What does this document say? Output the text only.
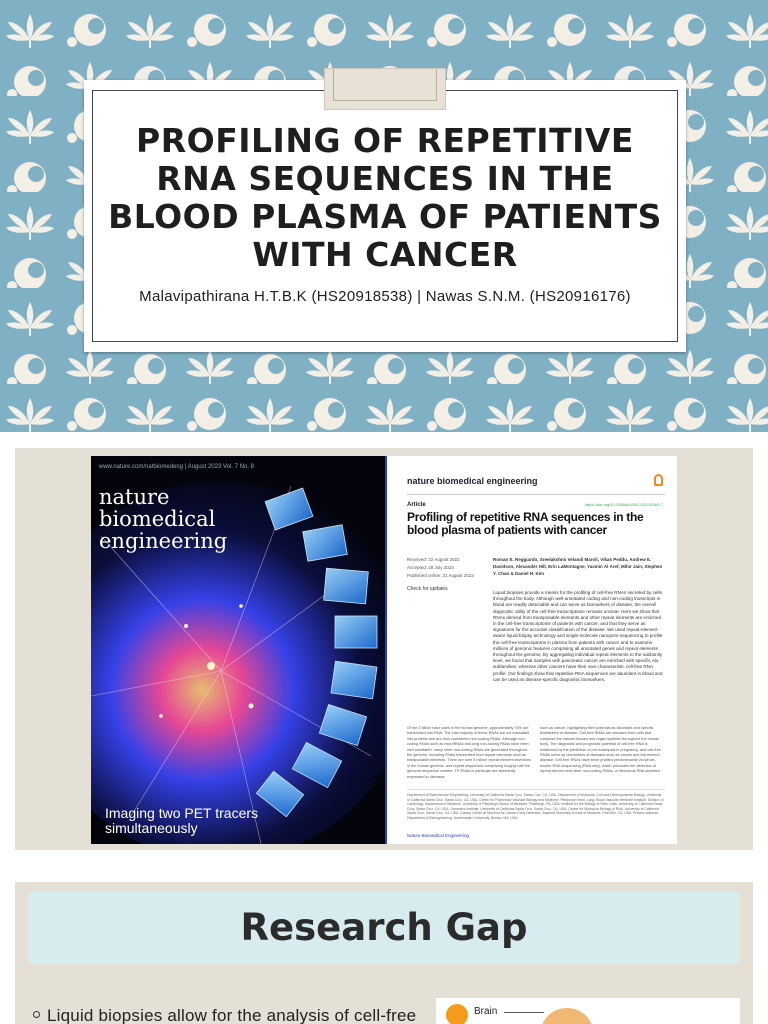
PROFILING OF REPETITIVE RNA SEQUENCES IN THE BLOOD PLASMA OF PATIENTS WITH CANCER
Malavipathirana H.T.B.K (HS20918538) | Nawas S.N.M. (HS20916176)
www.nature.com/natbiomedeng | August 2023 Vol. 7 No. 8
nature
biomedical
engineering
Imaging two PET tracers
simultaneously
nature biomedical engineering
Article	https://doi.org/10.1038/s41551-023-01081-7
Profiling of repetitive RNA sequences in the blood plasma of patients with cancer
Received: 22 August 2022
Accepted: 28 July 2023
Published online: 31 August 2023
Check for updates
Roman E. Reggiardo, Sreelakshmi Velandi Maroli, Vikas Peddu, Andrew E. Davidson, Alexander Hill, Erin LaMontagne, Yasmin Al Aref, Mihir Jain, Stephen Y. Chan & Daniel H. Kim
Liquid biopsies provide a means for the profiling of cell-free RNAs secreted by cells throughout the body. Although well-annotated coding and non-coding transcripts in blood are readily detectable and can serve as biomarkers of disease, the overall diagnostic utility of the cell-free transcriptome remains unclear. Here we show that RNAs derived from transposable elements and other repeat elements are enriched in the cell-free transcriptome of patients with cancer, and that they serve as signatures for the accurate classification of the disease. We used repeat-element-aware liquid-biopsy technology and single-molecule nanopore sequencing to profile the cell-free transcriptome in plasma from patients with cancer and to examine millions of genomic features comprising all annotated genes and repeat elements throughout the genome. By aggregating individual repeat elements to the subfamily level, we found that samples with pancreatic cancer are enriched with specific Alu subfamilies, whereas other cancers have their own characteristic cell-free RNA profile. Our findings show that repetitive RNA sequences are abundant in blood and can be used as disease-specific diagnostic biomarkers.
Of the 3 billion base pairs in the human genome, approximately 75% are transcribed into RNA. The vast majority of these RNAs are not translated into proteins and are thus considered non-coding RNAs. Although non-coding RNAs such as microRNAs and long non-coding RNAs have been well annotated, many other non-coding RNAs are generated throughout the genome, including RNAs transcribed from repeat elements such as transposable elements. There are over 5 million repeat element insertions in the human genome, and repeat sequences comprising roughly half the genomic sequence content. TE RNAs in particular are aberrantly expressed in diseases
such as cancer, highlighting their potential as abundant and specific biomarkers of disease. Cell-free RNAs are released from cells that comprise the various tissues and organ systems throughout the human body. The diagnostic and prognostic potential of cell-free RNA is evidenced by the prediction of pre-eclampsia in pregnancy, and cell-free RNAs serve as biomarkers of diseases such as cancer and Alzheimer's disease. Cell-free RNAs have been profiled predominantly via whole-exome RNA sequencing (RNA-seq), which precludes the detection of repeat-derived and other non-coding RNAs, or ribosomal RNA depleted
Department of Biomolecular Engineering, University of California Santa Cruz, Santa Cruz, CA, USA. Department of Molecular, Cell and Developmental Biology, University of California Santa Cruz, Santa Cruz, CA, USA. Center for Pulmonary Vascular Biology and Medicine, Pittsburgh Heart, Lung, Blood Vascular Medicine Institute, Division of Cardiology, Department of Medicine, University of Pittsburgh School of Medicine, Pittsburgh, PA, USA. Institute for the Biology of Stem Cells, University of California Santa Cruz, Santa Cruz, CA, USA. Genomics Institute, University of California Santa Cruz, Santa Cruz, CA, USA. Center for Molecular Biology of RNA, University of California Santa Cruz, Santa Cruz, CA, USA. Canary Center at Stanford for Cancer Early Detection, Stanford University School of Medicine, Palo Alto, CA, USA. Present address: Department of Bioengineering, Northeastern University, Boston, MA, USA.
Nature Biomedical Engineering
Research Gap
Liquid biopsies allow for the analysis of cell-free	Brain
